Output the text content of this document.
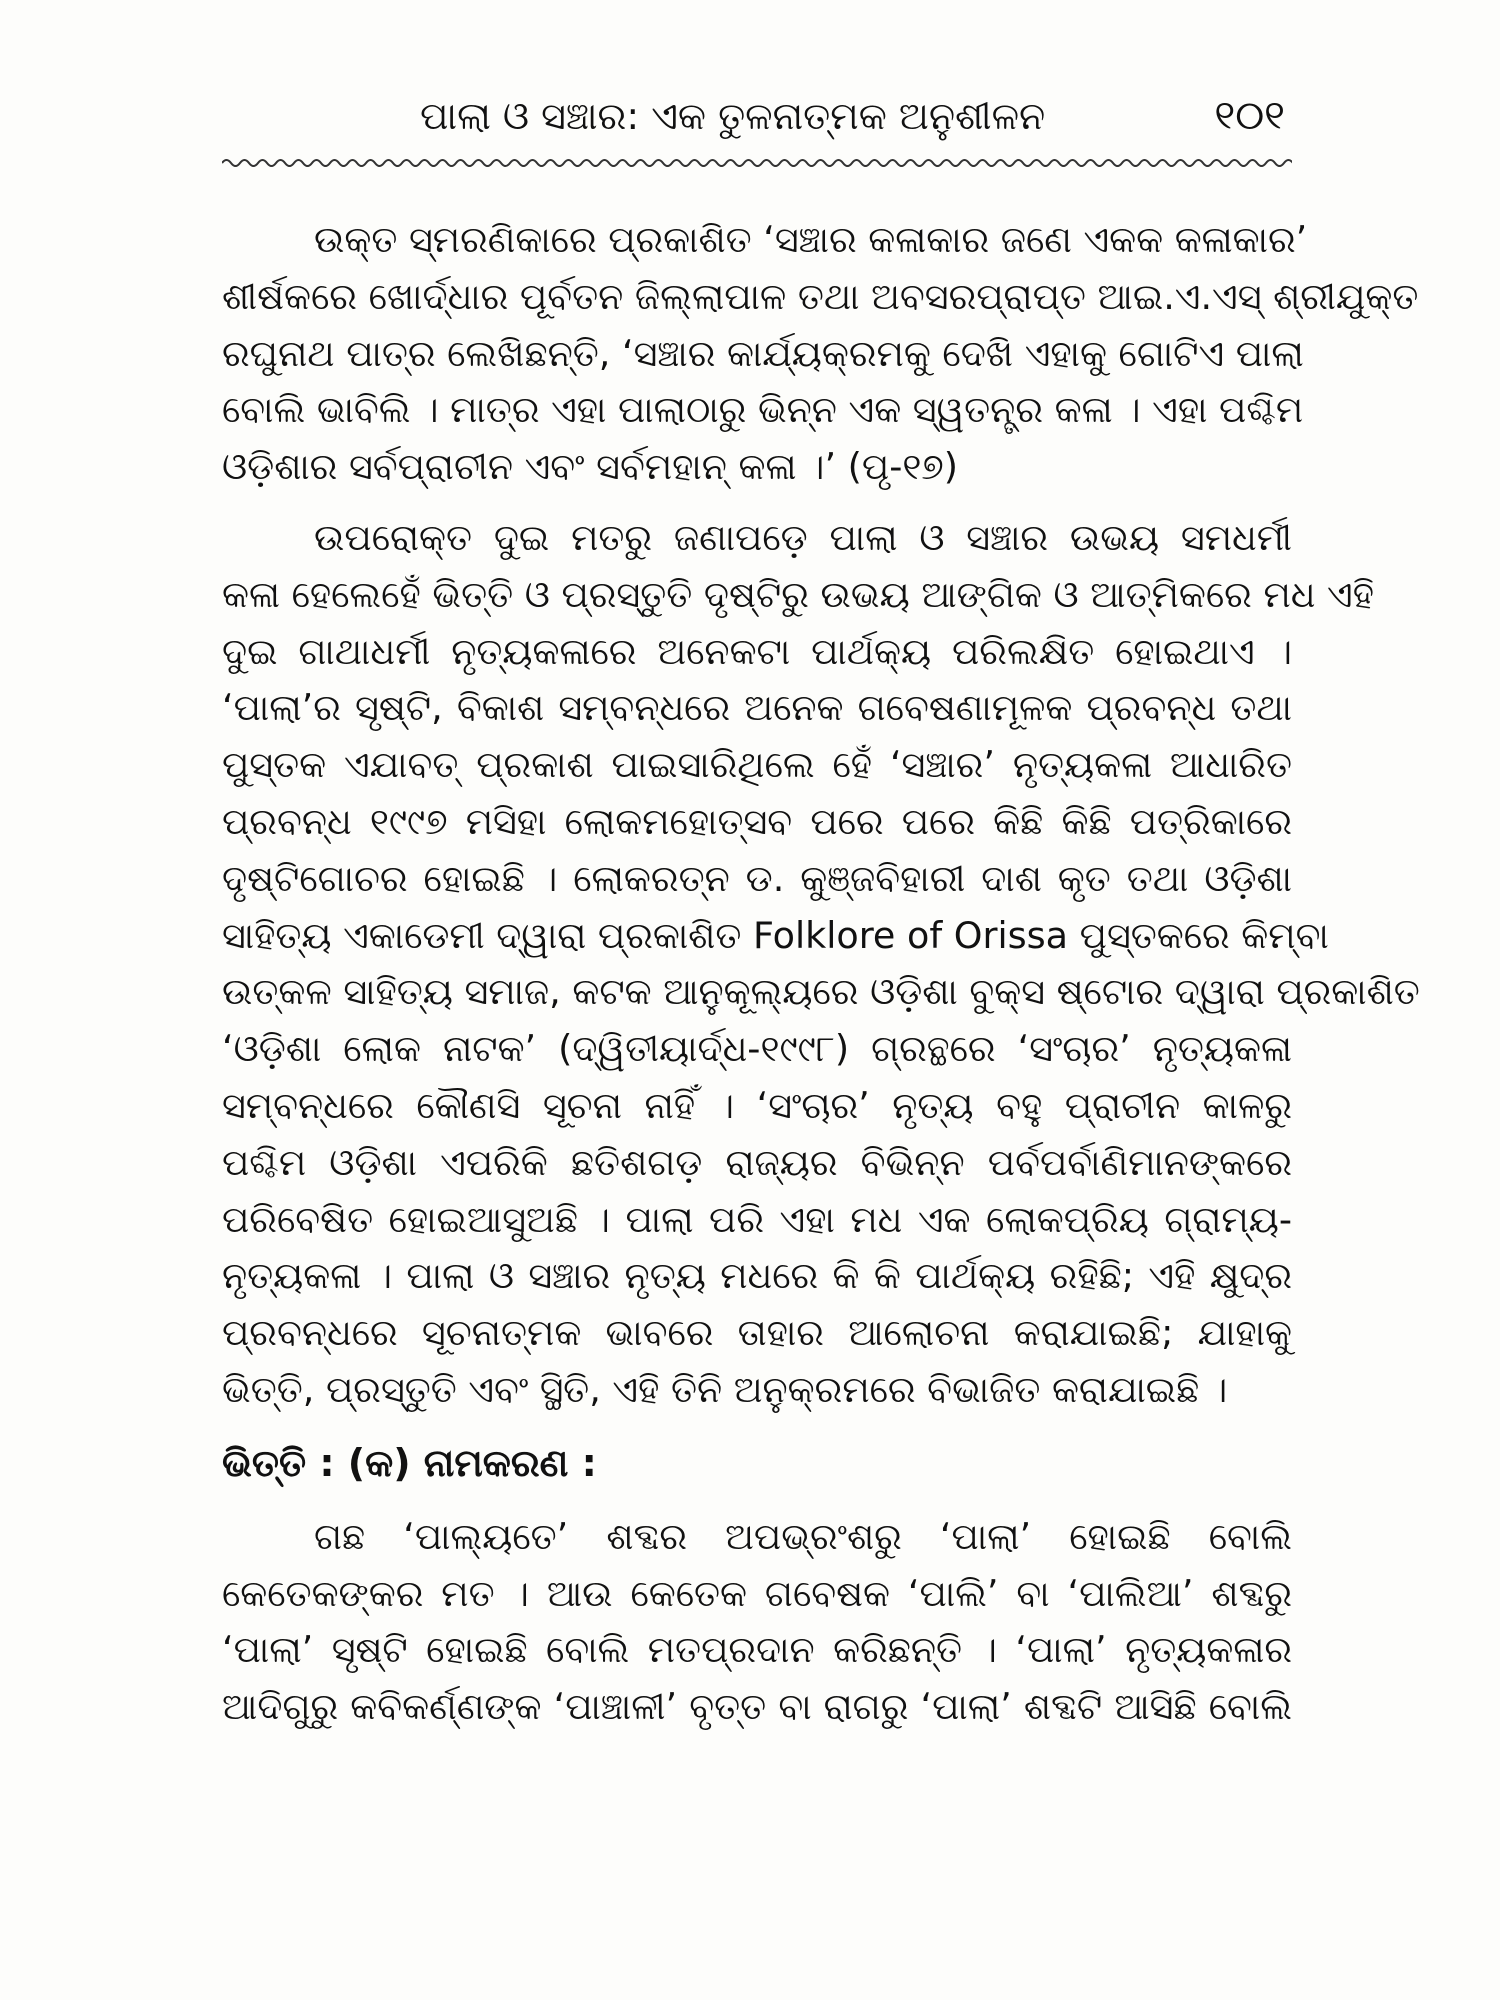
ପାଲା ଓ ସଞ୍ଚାର: ଏକ ତୁଳନାତ୍ମକ ଅନୁଶୀଳନ	୧୦୧
ଉକ୍ତ ସ୍ମରଣିକାରେ ପ୍ରକାଶିତ ‘ସଞ୍ଚାର କଳାକାର ଜଣେ ଏକକ କଳାକାର’
ଶୀର୍ଷକରେ ଖୋର୍ଦ୍ଧାର ପୂର୍ବତନ ଜିଲ୍ଲାପାଳ ତଥା ଅବସରପ୍ରାପ୍ତ ଆଇ.ଏ.ଏସ୍ ଶ୍ରୀଯୁକ୍ତ
ରଘୁନାଥ ପାତ୍ର ଲେଖିଛନ୍ତି, ‘ସଞ୍ଚାର କାର୍ଯ୍ୟକ୍ରମକୁ ଦେଖି ଏହାକୁ ଗୋଟିଏ ପାଲା
ବୋଲି ଭାବିଲି । ମାତ୍ର ଏହା ପାଲାଠାରୁ ଭିନ୍ନ ଏକ ସ୍ୱତନ୍ତ୍ର କଳା । ଏହା ପଶ୍ଚିମ
ଓଡ଼ିଶାର ସର୍ବପ୍ରାଚୀନ ଏବଂ ସର୍ବମହାନ୍ କଳା ।’ (ପୃ-୧୭)
ଉପରୋକ୍ତ ଦୁଇ ମତରୁ ଜଣାପଡ଼େ ପାଲା ଓ ସଞ୍ଚାର ଉଭୟ ସମଧର୍ମୀ
କଳା ହେଲେହେଁ ଭିତ୍ତି ଓ ପ୍ରସ୍ତୁତି ଦୃଷ୍ଟିରୁ ଉଭୟ ଆଙ୍ଗିକ ଓ ଆତ୍ମିକରେ ମଧ ଏହି
ଦୁଇ ଗାଥାଧର୍ମୀ ନୃତ୍ୟକଳାରେ ଅନେକଟା ପାର୍ଥକ୍ୟ ପରିଲକ୍ଷିତ ହୋଇଥାଏ ।
‘ପାଲା’ର ସୃଷ୍ଟି, ବିକାଶ ସମ୍ବନ୍ଧରେ ଅନେକ ଗବେଷଣାମୂଳକ ପ୍ରବନ୍ଧ ତଥା
ପୁସ୍ତକ ଏଯାବତ୍ ପ୍ରକାଶ ପାଇସାରିଥିଲେ ହେଁ ‘ସଞ୍ଚାର’ ନୃତ୍ୟକଳା ଆଧାରିତ
ପ୍ରବନ୍ଧ ୧୯୯୭ ମସିହା ଲୋକମହୋତ୍ସବ ପରେ ପରେ କିଛି କିଛି ପତ୍ରିକାରେ
ଦୃଷ୍ଟିଗୋଚର ହୋଇଛି । ଲୋକରତ୍ନ ଡ. କୁଞ୍ଜବିହାରୀ ଦାଶ କୃତ ତଥା ଓଡ଼ିଶା
ସାହିତ୍ୟ ଏକାଡେମୀ ଦ୍ୱାରା ପ୍ରକାଶିତ Folklore of Orissa ପୁସ୍ତକରେ କିମ୍ବା
ଉତ୍କଳ ସାହିତ୍ୟ ସମାଜ, କଟକ ଆନୁକୂଲ୍ୟରେ ଓଡ଼ିଶା ବୁକ୍ସ ଷ୍ଟୋର ଦ୍ୱାରା ପ୍ରକାଶିତ
‘ଓଡ଼ିଶା ଲୋକ ନାଟକ’ (ଦ୍ୱିତୀୟାର୍ଦ୍ଧ-୧୯୯୮) ଗ୍ରନ୍ଥରେ ‘ସଂଚାର’ ନୃତ୍ୟକଳା
ସମ୍ବନ୍ଧରେ କୌଣସି ସୂଚନା ନାହିଁ । ‘ସଂଚାର’ ନୃତ୍ୟ ବହୁ ପ୍ରାଚୀନ କାଳରୁ
ପଶ୍ଚିମ ଓଡ଼ିଶା ଏପରିକି ଛତିଶଗଡ଼ ରାଜ୍ୟର ବିଭିନ୍ନ ପର୍ବପର୍ବାଣିମାନଙ୍କରେ
ପରିବେଷିତ ହୋଇଆସୁଅଛି । ପାଲା ପରି ଏହା ମଧ ଏକ ଲୋକପ୍ରିୟ ଗ୍ରାମ୍ୟ-
ନୃତ୍ୟକଳା । ପାଲା ଓ ସଞ୍ଚାର ନୃତ୍ୟ ମଧରେ କି କି ପାର୍ଥକ୍ୟ ରହିଛି; ଏହି କ୍ଷୁଦ୍ର
ପ୍ରବନ୍ଧରେ ସୂଚନାତ୍ମକ ଭାବରେ ତାହାର ଆଲୋଚନା କରାଯାଇଛି; ଯାହାକୁ
ଭିତ୍ତି, ପ୍ରସ୍ତୁତି ଏବଂ ସ୍ଥିତି, ଏହି ତିନି ଅନୁକ୍ରମରେ ବିଭାଜିତ କରାଯାଇଛି ।
ଭିତ୍ତି : (କ) ନାମକରଣ :
ଗଛ ‘ପାଲ୍ୟତେ’ ଶବ୍ଦର ଅପଭ୍ରଂଶରୁ ‘ପାଲା’ ହୋଇଛି ବୋଲି
କେତେକଙ୍କର ମତ । ଆଉ କେତେକ ଗବେଷକ ‘ପାଲି’ ବା ‘ପାଲିଆ’ ଶବ୍ଦରୁ
‘ପାଲା’ ସୃଷ୍ଟି ହୋଇଛି ବୋଲି ମତପ୍ରଦାନ କରିଛନ୍ତି । ‘ପାଲା’ ନୃତ୍ୟକଳାର
ଆଦିଗୁରୁ କବିକର୍ଣ୍ଣଙ୍କ ‘ପାଞ୍ଚାଳୀ’ ବୃତ୍ତ ବା ରାଗରୁ ‘ପାଲା’ ଶବ୍ଦଟି ଆସିଛି ବୋଲି
